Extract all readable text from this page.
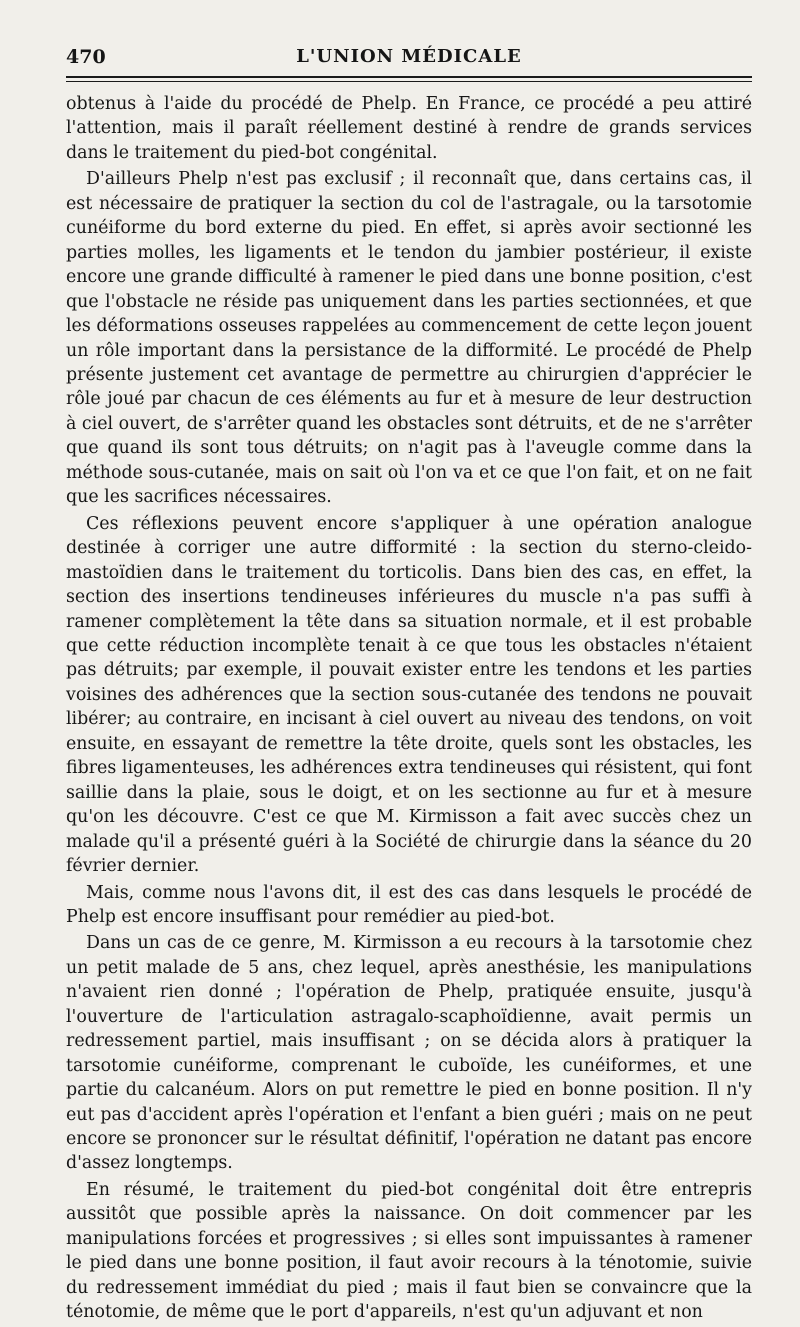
470	L'UNION MÉDICALE

obtenus à l'aide du procédé de Phelp. En France, ce procédé a peu attiré l'attention, mais il paraît réellement destiné à rendre de grands services dans le traitement du pied-bot congénital.

D'ailleurs Phelp n'est pas exclusif ; il reconnaît que, dans certains cas, il est nécessaire de pratiquer la section du col de l'astragale, ou la tarsotomie cunéiforme du bord externe du pied. En effet, si après avoir sectionné les parties molles, les ligaments et le tendon du jambier postérieur, il existe encore une grande difficulté à ramener le pied dans une bonne position, c'est que l'obstacle ne réside pas uniquement dans les parties sectionnées, et que les déformations osseuses rappelées au commencement de cette leçon jouent un rôle important dans la persistance de la difformité. Le procédé de Phelp présente justement cet avantage de permettre au chirurgien d'apprécier le rôle joué par chacun de ces éléments au fur et à mesure de leur destruction à ciel ouvert, de s'arrêter quand les obstacles sont détruits, et de ne s'arrêter que quand ils sont tous détruits; on n'agit pas à l'aveugle comme dans la méthode sous-cutanée, mais on sait où l'on va et ce que l'on fait, et on ne fait que les sacrifices nécessaires.

Ces réflexions peuvent encore s'appliquer à une opération analogue destinée à corriger une autre difformité : la section du sterno-cleido-mastoïdien dans le traitement du torticolis. Dans bien des cas, en effet, la section des insertions tendineuses inférieures du muscle n'a pas suffi à ramener complètement la tête dans sa situation normale, et il est probable que cette réduction incomplète tenait à ce que tous les obstacles n'étaient pas détruits; par exemple, il pouvait exister entre les tendons et les parties voisines des adhérences que la section sous-cutanée des tendons ne pouvait libérer; au contraire, en incisant à ciel ouvert au niveau des tendons, on voit ensuite, en essayant de remettre la tête droite, quels sont les obstacles, les fibres ligamenteuses, les adhérences extra tendineuses qui résistent, qui font saillie dans la plaie, sous le doigt, et on les sectionne au fur et à mesure qu'on les découvre. C'est ce que M. Kirmisson a fait avec succès chez un malade qu'il a présenté guéri à la Société de chirurgie dans la séance du 20 février dernier.

Mais, comme nous l'avons dit, il est des cas dans lesquels le procédé de Phelp est encore insuffisant pour remédier au pied-bot.

Dans un cas de ce genre, M. Kirmisson a eu recours à la tarsotomie chez un petit malade de 5 ans, chez lequel, après anesthésie, les manipulations n'avaient rien donné ; l'opération de Phelp, pratiquée ensuite, jusqu'à l'ouverture de l'articulation astragalo-scaphoïdienne, avait permis un redressement partiel, mais insuffisant ; on se décida alors à pratiquer la tarsotomie cunéiforme, comprenant le cuboïde, les cunéiformes, et une partie du calcanéum. Alors on put remettre le pied en bonne position. Il n'y eut pas d'accident après l'opération et l'enfant a bien guéri ; mais on ne peut encore se prononcer sur le résultat définitif, l'opération ne datant pas encore d'assez longtemps.

En résumé, le traitement du pied-bot congénital doit être entrepris aussitôt que possible après la naissance. On doit commencer par les manipulations forcées et progressives ; si elles sont impuissantes à ramener le pied dans une bonne position, il faut avoir recours à la ténotomie, suivie du redressement immédiat du pied ; mais il faut bien se convaincre que la ténotomie, de même que le port d'appareils, n'est qu'un adjuvant et non
